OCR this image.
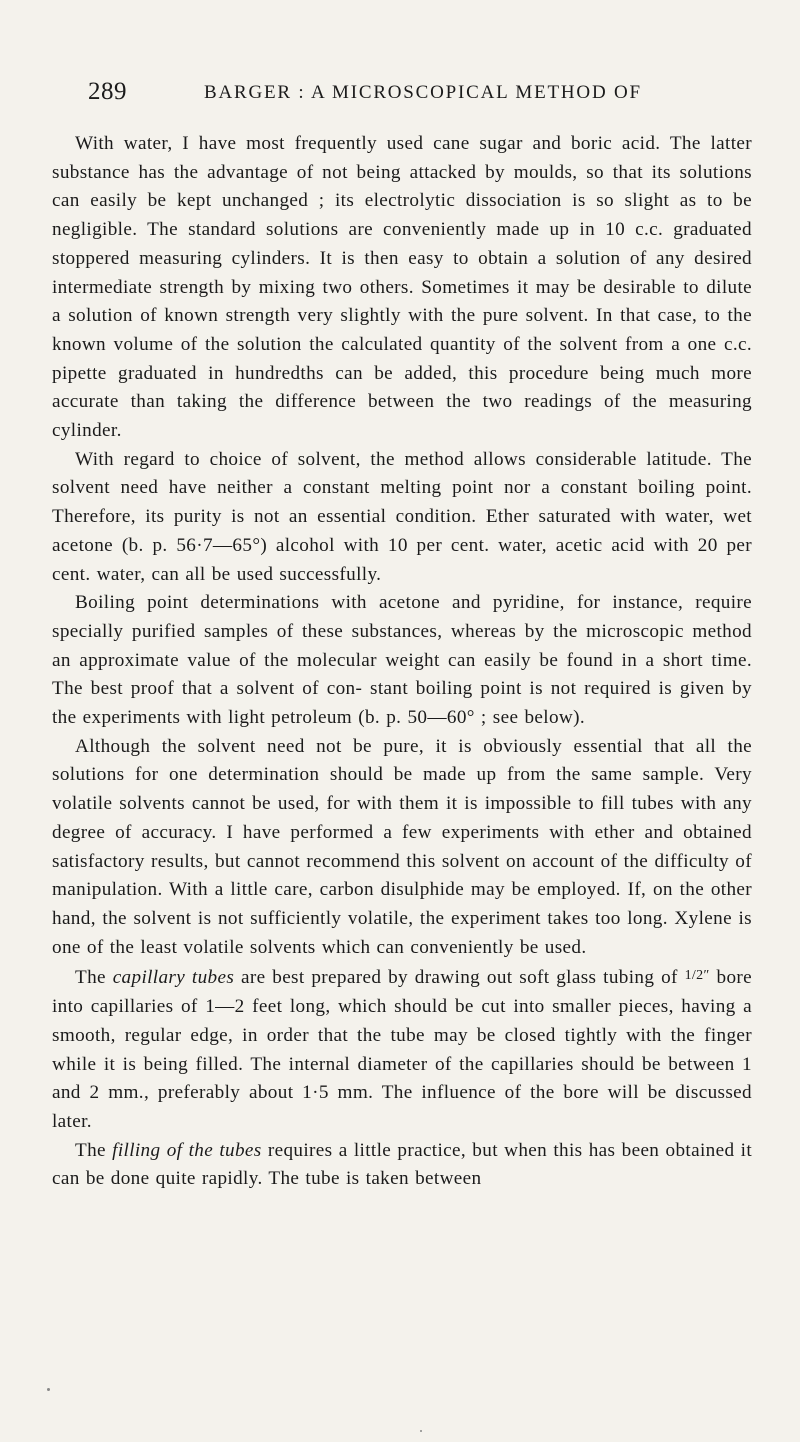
289	BARGER : A MICROSCOPICAL METHOD OF

With water, I have most frequently used cane sugar and boric acid. The latter substance has the advantage of not being attacked by moulds, so that its solutions can easily be kept unchanged ; its electrolytic dissociation is so slight as to be negligible. The standard solutions are conveniently made up in 10 c.c. graduated stoppered measuring cylinders. It is then easy to obtain a solution of any desired intermediate strength by mixing two others. Sometimes it may be desirable to dilute a solution of known strength very slightly with the pure solvent. In that case, to the known volume of the solution the calculated quantity of the solvent from a one c.c. pipette graduated in hundredths can be added, this procedure being much more accurate than taking the difference between the two readings of the measuring cylinder.

With regard to choice of solvent, the method allows considerable latitude. The solvent need have neither a constant melting point nor a constant boiling point. Therefore, its purity is not an essential condition. Ether saturated with water, wet acetone (b. p. 56·7—65°) alcohol with 10 per cent. water, acetic acid with 20 per cent. water, can all be used successfully.

Boiling point determinations with acetone and pyridine, for instance, require specially purified samples of these substances, whereas by the microscopic method an approximate value of the molecular weight can easily be found in a short time. The best proof that a solvent of con- stant boiling point is not required is given by the experiments with light petroleum (b. p. 50—60° ; see below).

Although the solvent need not be pure, it is obviously essential that all the solutions for one determination should be made up from the same sample. Very volatile solvents cannot be used, for with them it is impossible to fill tubes with any degree of accuracy. I have performed a few experiments with ether and obtained satisfactory results, but cannot recommend this solvent on account of the difficulty of manipulation. With a little care, carbon disulphide may be employed. If, on the other hand, the solvent is not sufficiently volatile, the experiment takes too long. Xylene is one of the least volatile solvents which can conveniently be used.

The capillary tubes are best prepared by drawing out soft glass tubing of $^{1/2''}$ bore into capillaries of 1—2 feet long, which should be cut into smaller pieces, having a smooth, regular edge, in order that the tube may be closed tightly with the finger while it is being filled. The internal diameter of the capillaries should be between 1 and 2 mm., preferably about 1·5 mm. The influence of the bore will be discussed later.

The filling of the tubes requires a little practice, but when this has been obtained it can be done quite rapidly. The tube is taken between
